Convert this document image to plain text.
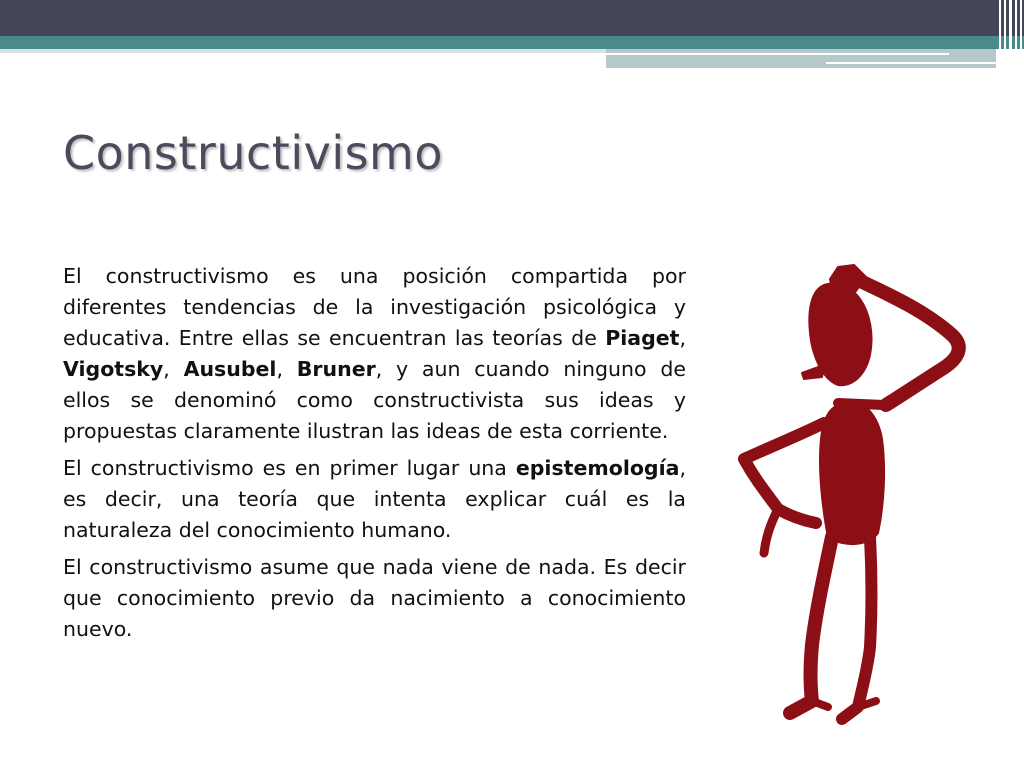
Constructivismo

El constructivismo es una posición compartida por diferentes tendencias de la investigación psicológica y educativa. Entre ellas se encuentran las teorías de Piaget, Vigotsky, Ausubel, Bruner, y aun cuando ninguno de ellos se denominó como constructivista sus ideas y propuestas claramente ilustran las ideas de esta corriente.

El constructivismo es en primer lugar una epistemología, es decir, una teoría que intenta explicar cuál es la naturaleza del conocimiento humano.

El constructivismo asume que nada viene de nada. Es decir que conocimiento previo da nacimiento a conocimiento nuevo.
